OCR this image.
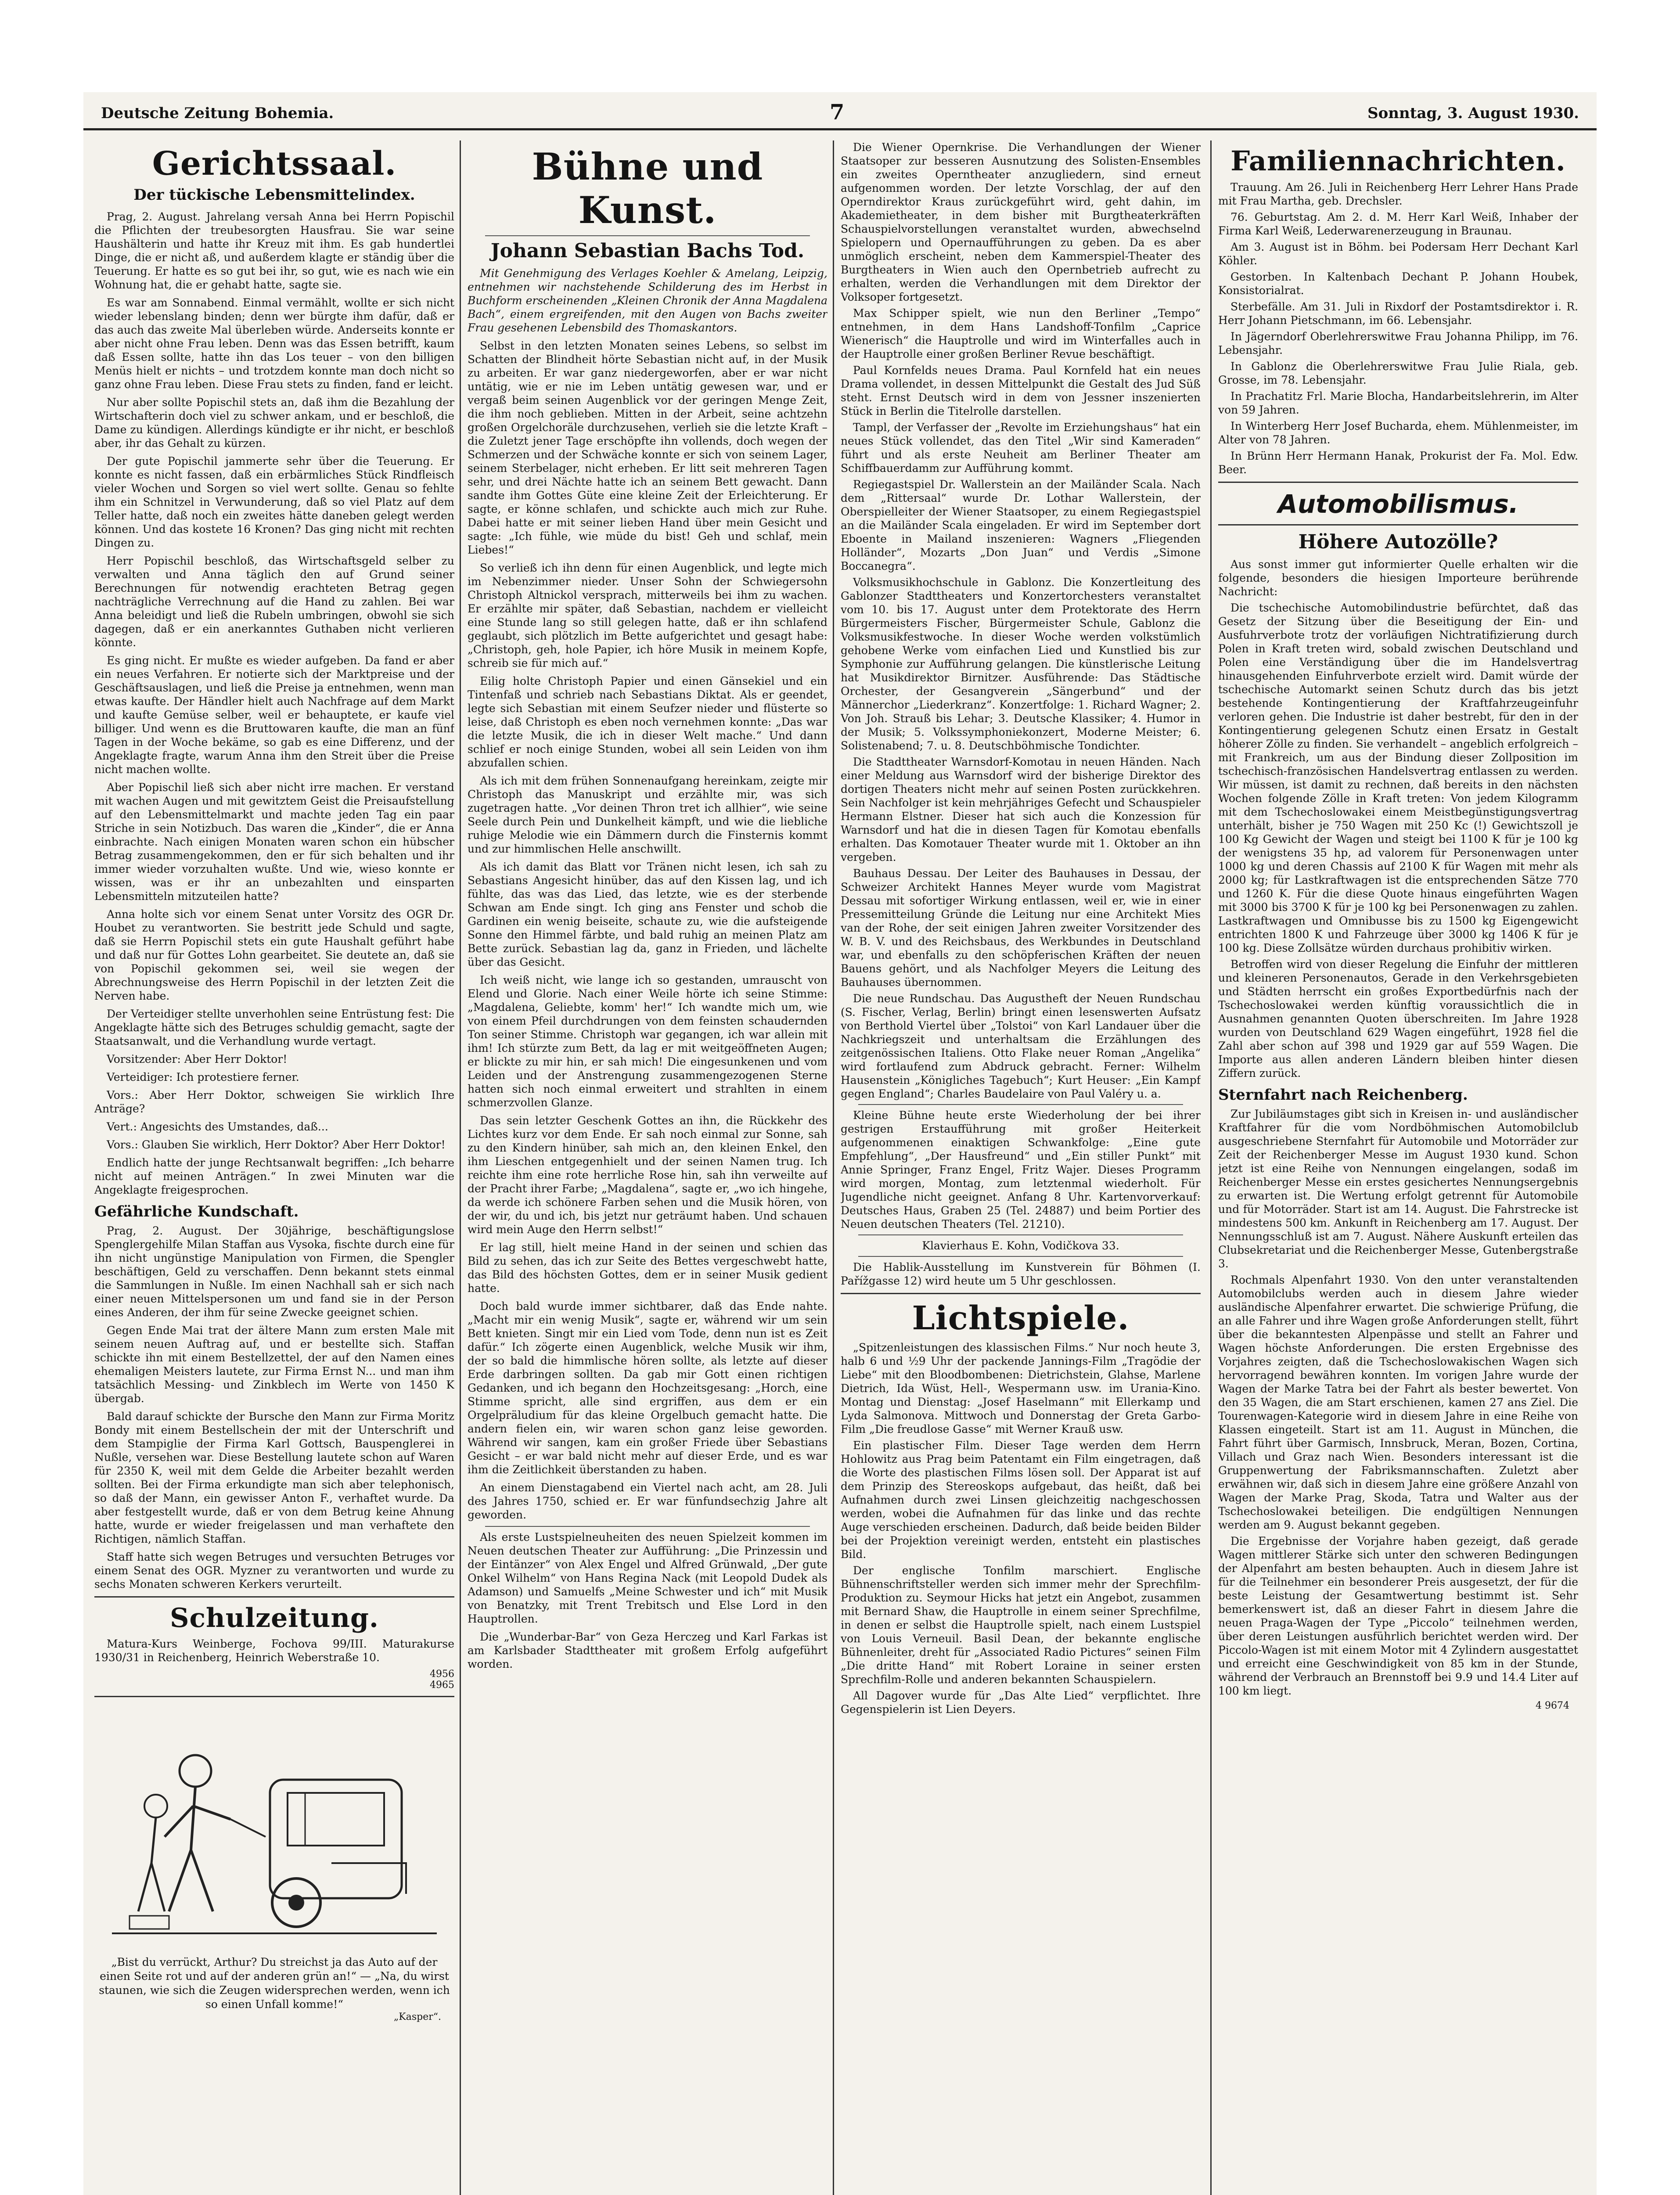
Deutsche Zeitung Bohemia.	7	Sonntag, 3. August 1930.
Gerichtssaal.
Der tückische Lebensmittelindex.

Prag, 2. August. Jahrelang versah Anna bei Herrn Popischil die Pflichten der treubesorgten Hausfrau. Sie war seine Haushälterin und hatte ihr Kreuz mit ihm. Es gab hundertlei Dinge, die er nicht aß, und außerdem klagte er ständig über die Teuerung. Er hatte es so gut bei ihr, so gut, wie es nach wie ein Wohnung hat, die er gehabt hatte, sagte sie.

Es war am Sonnabend. Einmal vermählt, wollte er sich nicht wieder lebenslang binden; denn wer bürgte ihm dafür, daß er das auch das zweite Mal überleben würde. Anderseits konnte er aber nicht ohne Frau leben. Denn was das Essen betrifft, kaum daß Essen sollte, hatte ihn das Los teuer – von den billigen Menüs hielt er nichts – und trotzdem konnte man doch nicht so ganz ohne Frau leben. Diese Frau stets zu finden, fand er leicht.

Nur aber sollte Popischil stets an, daß ihm die Bezahlung der Wirtschafterin doch viel zu schwer ankam, und er beschloß, die Dame zu kündigen. Allerdings kündigte er ihr nicht, er beschloß aber, ihr das Gehalt zu kürzen.

Der gute Popischil jammerte sehr über die Teuerung. Er konnte es nicht fassen, daß ein erbärmliches Stück Rindfleisch vieler Wochen und Sorgen so viel wert sollte. Genau so fehlte ihm ein Schnitzel in Verwunderung, daß so viel Platz auf dem Teller hatte, daß noch ein zweites hätte daneben gelegt werden können. Und das kostete 16 Kronen? Das ging nicht mit rechten Dingen zu.

Herr Popischil beschloß, das Wirtschaftsgeld selber zu verwalten und Anna täglich den auf Grund seiner Berechnungen für notwendig erachteten Betrag gegen nachträgliche Verrechnung auf die Hand zu zahlen. Bei war Anna beleidigt und ließ die Rubeln umbringen, obwohl sie sich dagegen, daß er ein anerkanntes Guthaben nicht verlieren könnte.

Es ging nicht. Er mußte es wieder aufgeben. Da fand er aber ein neues Verfahren. Er notierte sich der Marktpreise und der Geschäftsauslagen, und ließ die Preise ja entnehmen, wenn man etwas kaufte. Der Händler hielt auch Nachfrage auf dem Markt und kaufte Gemüse selber, weil er behauptete, er kaufe viel billiger. Und wenn es die Bruttowaren kaufte, die man an fünf Tagen in der Woche bekäme, so gab es eine Differenz, und der Angeklagte fragte, warum Anna ihm den Streit über die Preise nicht machen wollte.

Aber Popischil ließ sich aber nicht irre machen. Er verstand mit wachen Augen und mit gewitztem Geist die Preisaufstellung auf den Lebensmittelmarkt und machte jeden Tag ein paar Striche in sein Notizbuch. Das waren die „Kinder“, die er Anna einbrachte. Nach einigen Monaten waren schon ein hübscher Betrag zusammengekommen, den er für sich behalten und ihr immer wieder vorzuhalten wußte. Und wie, wieso konnte er wissen, was er ihr an unbezahlten und einsparten Lebensmitteln mitzuteilen hatte?

Anna holte sich vor einem Senat unter Vorsitz des OGR Dr. Houbet zu verantworten. Sie bestritt jede Schuld und sagte, daß sie Herrn Popischil stets ein gute Haushalt geführt habe und daß nur für Gottes Lohn gearbeitet. Sie deutete an, daß sie von Popischil gekommen sei, weil sie wegen der Abrechnungsweise des Herrn Popischil in der letzten Zeit die Nerven habe.

Der Verteidiger stellte unverhohlen seine Entrüstung fest: Die Angeklagte hätte sich des Betruges schuldig gemacht, sagte der Staatsanwalt, und die Verhandlung wurde vertagt.

Vorsitzender: Aber Herr Doktor!

Verteidiger: Ich protestiere ferner.

Vors.: Aber Herr Doktor, schweigen Sie wirklich Ihre Anträge?

Vert.: Angesichts des Umstandes, daß...

Vors.: Glauben Sie wirklich, Herr Doktor? Aber Herr Doktor!

Endlich hatte der junge Rechtsanwalt begriffen: „Ich beharre nicht auf meinen Anträgen.“ In zwei Minuten war die Angeklagte freigesprochen.

Gefährliche Kundschaft.

Prag, 2. August. Der 30jährige, beschäftigungslose Spenglergehilfe Milan Staffan aus Vysoka, fischte durch eine für ihn nicht ungünstige Manipulation von Firmen, die Spengler beschäftigen, Geld zu verschaffen. Denn bekannt stets einmal die Sammlungen in Nußle. Im einen Nachhall sah er sich nach einer neuen Mittelspersonen um und fand sie in der Person eines Anderen, der ihm für seine Zwecke geeignet schien.

Gegen Ende Mai trat der ältere Mann zum ersten Male mit seinem neuen Auftrag auf, und er bestellte sich. Staffan schickte ihn mit einem Bestellzettel, der auf den Namen eines ehemaligen Meisters lautete, zur Firma Ernst N... und man ihm tatsächlich Messing- und Zinkblech im Werte von 1450 K übergab.

Bald darauf schickte der Bursche den Mann zur Firma Moritz Bondy mit einem Bestellschein der mit der Unterschrift und dem Stampiglie der Firma Karl Gottsch, Bauspenglerei in Nußle, versehen war. Diese Bestellung lautete schon auf Waren für 2350 K, weil mit dem Gelde die Arbeiter bezahlt werden sollten. Bei der Firma erkundigte man sich aber telephonisch, so daß der Mann, ein gewisser Anton F., verhaftet wurde. Da aber festgestellt wurde, daß er von dem Betrug keine Ahnung hatte, wurde er wieder freigelassen und man verhaftete den Richtigen, nämlich Staffan.

Staff hatte sich wegen Betruges und versuchten Betruges vor einem Senat des OGR. Myzner zu verantworten und wurde zu sechs Monaten schweren Kerkers verurteilt.

Schulzeitung.

Matura-Kurs Weinberge, Fochova 99/III. Maturakurse 1930/31 in Reichenberg, Heinrich Weberstraße 10.

4956
4965

„Bist du verrückt, Arthur? Du streichst ja das Auto auf der einen Seite rot und auf der anderen grün an!“ — „Na, du wirst staunen, wie sich die Zeugen widersprechen werden, wenn ich so einen Unfall komme!“

„Kasper“.
Bühne und Kunst.
Johann Sebastian Bachs Tod.

Mit Genehmigung des Verlages Koehler & Amelang, Leipzig, entnehmen wir nachstehende Schilderung des im Herbst in Buchform erscheinenden „Kleinen Chronik der Anna Magdalena Bach“, einem ergreifenden, mit den Augen von Bachs zweiter Frau gesehenen Lebensbild des Thomaskantors.

Selbst in den letzten Monaten seines Lebens, so selbst im Schatten der Blindheit hörte Sebastian nicht auf, in der Musik zu arbeiten. Er war ganz niedergeworfen, aber er war nicht untätig, wie er nie im Leben untätig gewesen war, und er vergaß beim seinen Augenblick vor der geringen Menge Zeit, die ihm noch geblieben. Mitten in der Arbeit, seine achtzehn großen Orgelchoräle durchzusehen, verlieh sie die letzte Kraft – die Zuletzt jener Tage erschöpfte ihn vollends, doch wegen der Schmerzen und der Schwäche konnte er sich von seinem Lager, seinem Sterbelager, nicht erheben. Er litt seit mehreren Tagen sehr, und drei Nächte hatte ich an seinem Bett gewacht. Dann sandte ihm Gottes Güte eine kleine Zeit der Erleichterung. Er sagte, er könne schlafen, und schickte auch mich zur Ruhe. Dabei hatte er mit seiner lieben Hand über mein Gesicht und sagte: „Ich fühle, wie müde du bist! Geh und schlaf, mein Liebes!“

So verließ ich ihn denn für einen Augenblick, und legte mich im Nebenzimmer nieder. Unser Sohn der Schwiegersohn Christoph Altnickol versprach, mitterweils bei ihm zu wachen. Er erzählte mir später, daß Sebastian, nachdem er vielleicht eine Stunde lang so still gelegen hatte, daß er ihn schlafend geglaubt, sich plötzlich im Bette aufgerichtet und gesagt habe: „Christoph, geh, hole Papier, ich höre Musik in meinem Kopfe, schreib sie für mich auf.“

Eilig holte Christoph Papier und einen Gänsekiel und ein Tintenfaß und schrieb nach Sebastians Diktat. Als er geendet, legte sich Sebastian mit einem Seufzer nieder und flüsterte so leise, daß Christoph es eben noch vernehmen konnte: „Das war die letzte Musik, die ich in dieser Welt mache.“ Und dann schlief er noch einige Stunden, wobei all sein Leiden von ihm abzufallen schien.

Als ich mit dem frühen Sonnenaufgang hereinkam, zeigte mir Christoph das Manuskript und erzählte mir, was sich zugetragen hatte. „Vor deinen Thron tret ich allhier“, wie seine Seele durch Pein und Dunkelheit kämpft, und wie die liebliche ruhige Melodie wie ein Dämmern durch die Finsternis kommt und zur himmlischen Helle anschwillt.

Als ich damit das Blatt vor Tränen nicht lesen, ich sah zu Sebastians Angesicht hinüber, das auf den Kissen lag, und ich fühlte, das was das Lied, das letzte, wie es der sterbende Schwan am Ende singt. Ich ging ans Fenster und schob die Gardinen ein wenig beiseite, schaute zu, wie die aufsteigende Sonne den Himmel färbte, und bald ruhig an meinen Platz am Bette zurück. Sebastian lag da, ganz in Frieden, und lächelte über das Gesicht.

Ich weiß nicht, wie lange ich so gestanden, umrauscht von Elend und Glorie. Nach einer Weile hörte ich seine Stimme: „Magdalena, Geliebte, komm' her!“ Ich wandte mich um, wie von einem Pfeil durchdrungen von dem feinsten schaudernden Ton seiner Stimme. Christoph war gegangen, ich war allein mit ihm! Ich stürzte zum Bett, da lag er mit weitgeöffneten Augen; er blickte zu mir hin, er sah mich! Die eingesunkenen und vom Leiden und der Anstrengung zusammengezogenen Sterne hatten sich noch einmal erweitert und strahlten in einem schmerzvollen Glanze.

Das sein letzter Geschenk Gottes an ihn, die Rückkehr des Lichtes kurz vor dem Ende. Er sah noch einmal zur Sonne, sah zu den Kindern hinüber, sah mich an, den kleinen Enkel, den ihm Lieschen entgegenhielt und der seinen Namen trug. Ich reichte ihm eine rote herrliche Rose hin, sah ihn verweilte auf der Pracht ihrer Farbe; „Magdalena“, sagte er, „wo ich hingehe, da werde ich schönere Farben sehen und die Musik hören, von der wir, du und ich, bis jetzt nur geträumt haben. Und schauen wird mein Auge den Herrn selbst!“

Er lag still, hielt meine Hand in der seinen und schien das Bild zu sehen, das ich zur Seite des Bettes vergeschwebt hatte, das Bild des höchsten Gottes, dem er in seiner Musik gedient hatte.

Doch bald wurde immer sichtbarer, daß das Ende nahte. „Macht mir ein wenig Musik“, sagte er, während wir um sein Bett knieten. Singt mir ein Lied vom Tode, denn nun ist es Zeit dafür.“ Ich zögerte einen Augenblick, welche Musik wir ihm, der so bald die himmlische hören sollte, als letzte auf dieser Erde darbringen sollten. Da gab mir Gott einen richtigen Gedanken, und ich begann den Hochzeitsgesang: „Horch, eine Stimme spricht, alle sind ergriffen, aus dem er ein Orgelpräludium für das kleine Orgelbuch gemacht hatte. Die andern fielen ein, wir waren schon ganz leise geworden. Während wir sangen, kam ein großer Friede über Sebastians Gesicht – er war bald nicht mehr auf dieser Erde, und es war ihm die Zeitlichkeit überstanden zu haben.

An einem Dienstagabend ein Viertel nach acht, am 28. Juli des Jahres 1750, schied er. Er war fünfundsechzig Jahre alt geworden.

Als erste Lustspielneuheiten des neuen Spielzeit kommen im Neuen deutschen Theater zur Aufführung: „Die Prinzessin und der Eintänzer“ von Alex Engel und Alfred Grünwald, „Der gute Onkel Wilhelm“ von Hans Regina Nack (mit Leopold Dudek als Adamson) und Samuelfs „Meine Schwester und ich“ mit Musik von Benatzky, mit Trent Trebitsch und Else Lord in den Hauptrollen.

Die „Wunderbar-Bar“ von Geza Herczeg und Karl Farkas ist am Karlsbader Stadttheater mit großem Erfolg aufgeführt worden.

Die Wiener Opernkrise. Die Verhandlungen der Wiener Staatsoper zur besseren Ausnutzung des Solisten-Ensembles ein zweites Operntheater anzugliedern, sind erneut aufgenommen worden. Der letzte Vorschlag, der auf den Operndirektor Kraus zurückgeführt wird, geht dahin, im Akademietheater, in dem bisher mit Burgtheaterkräften Schauspielvorstellungen veranstaltet wurden, abwechselnd Spielopern und Opernaufführungen zu geben. Da es aber unmöglich erscheint, neben dem Kammerspiel-Theater des Burgtheaters in Wien auch den Opernbetrieb aufrecht zu erhalten, werden die Verhandlungen mit dem Direktor der Volksoper fortgesetzt.

Max Schipper spielt, wie nun den Berliner „Tempo“ entnehmen, in dem Hans Landshoff-Tonfilm „Caprice Wienerisch“ die Hauptrolle und wird im Winterfalles auch in der Hauptrolle einer großen Berliner Revue beschäftigt.

Paul Kornfelds neues Drama. Paul Kornfeld hat ein neues Drama vollendet, in dessen Mittelpunkt die Gestalt des Jud Süß steht. Ernst Deutsch wird in dem von Jessner inszenierten Stück in Berlin die Titelrolle darstellen.

Tampl, der Verfasser der „Revolte im Erziehungshaus“ hat ein neues Stück vollendet, das den Titel „Wir sind Kameraden“ führt und als erste Neuheit am Berliner Theater am Schiffbauerdamm zur Aufführung kommt.

Regiegastspiel Dr. Wallerstein an der Mailänder Scala. Nach dem „Rittersaal“ wurde Dr. Lothar Wallerstein, der Oberspielleiter der Wiener Staatsoper, zu einem Regiegastspiel an die Mailänder Scala eingeladen. Er wird im September dort Eboente in Mailand inszenieren: Wagners „Fliegenden Holländer“, Mozarts „Don Juan“ und Verdis „Simone Boccanegra“.

Volksmusikhochschule in Gablonz. Die Konzertleitung des Gablonzer Stadttheaters und Konzertorchesters veranstaltet vom 10. bis 17. August unter dem Protektorate des Herrn Bürgermeisters Fischer, Bürgermeister Schule, Gablonz die Volksmusikfestwoche. In dieser Woche werden volkstümlich gehobene Werke vom einfachen Lied und Kunstlied bis zur Symphonie zur Aufführung gelangen. Die künstlerische Leitung hat Musikdirektor Birnitzer. Ausführende: Das Städtische Orchester, der Gesangverein „Sängerbund“ und der Männerchor „Liederkranz“. Konzertfolge: 1. Richard Wagner; 2. Von Joh. Strauß bis Lehar; 3. Deutsche Klassiker; 4. Humor in der Musik; 5. Volkssymphoniekonzert, Moderne Meister; 6. Solistenabend; 7. u. 8. Deutschböhmische Tondichter.

Die Stadttheater Warnsdorf-Komotau in neuen Händen. Nach einer Meldung aus Warnsdorf wird der bisherige Direktor des dortigen Theaters nicht mehr auf seinen Posten zurückkehren. Sein Nachfolger ist kein mehrjähriges Gefecht und Schauspieler Hermann Elstner. Dieser hat sich auch die Konzession für Warnsdorf und hat die in diesen Tagen für Komotau ebenfalls erhalten. Das Komotauer Theater wurde mit 1. Oktober an ihn vergeben.

Bauhaus Dessau. Der Leiter des Bauhauses in Dessau, der Schweizer Architekt Hannes Meyer wurde vom Magistrat Dessau mit sofortiger Wirkung entlassen, weil er, wie in einer Pressemitteilung Gründe die Leitung nur eine Architekt Mies van der Rohe, der seit einigen Jahren zweiter Vorsitzender des W. B. V. und des Reichsbaus, des Werkbundes in Deutschland war, und ebenfalls zu den schöpferischen Kräften der neuen Bauens gehört, und als Nachfolger Meyers die Leitung des Bauhauses übernommen.

Die neue Rundschau. Das Augustheft der Neuen Rundschau (S. Fischer, Verlag, Berlin) bringt einen lesenswerten Aufsatz von Berthold Viertel über „Tolstoi“ von Karl Landauer über die Nachkriegszeit und unterhaltsam die Erzählungen des zeitgenössischen Italiens. Otto Flake neuer Roman „Angelika“ wird fortlaufend zum Abdruck gebracht. Ferner: Wilhelm Hausenstein „Königliches Tagebuch“; Kurt Heuser: „Ein Kampf gegen England“; Charles Baudelaire von Paul Valéry u. a.

Kleine Bühne heute erste Wiederholung der bei ihrer gestrigen Erstaufführung mit großer Heiterkeit aufgenommenen einaktigen Schwankfolge: „Eine gute Empfehlung“, „Der Hausfreund“ und „Ein stiller Punkt“ mit Annie Springer, Franz Engel, Fritz Wajer. Dieses Programm wird morgen, Montag, zum letztenmal wiederholt. Für Jugendliche nicht geeignet. Anfang 8 Uhr. Kartenvorverkauf: Deutsches Haus, Graben 25 (Tel. 24887) und beim Portier des Neuen deutschen Theaters (Tel. 21210).

Klavierhaus E. Kohn, Vodičkova 33.

Die Hablik-Ausstellung im Kunstverein für Böhmen (I. Pařížgasse 12) wird heute um 5 Uhr geschlossen.

Lichtspiele.

„Spitzenleistungen des klassischen Films.“ Nur noch heute 3, halb 6 und ½9 Uhr der packende Jannings-Film „Tragödie der Liebe“ mit den Bloodbombenen: Dietrichstein, Glahse, Marlene Dietrich, Ida Wüst, Hell-, Wespermann usw. im Urania-Kino. Montag und Dienstag: „Josef Haselmann“ mit Ellerkamp und Lyda Salmonova. Mittwoch und Donnerstag der Greta Garbo-Film „Die freudlose Gasse“ mit Werner Krauß usw.

Ein plastischer Film. Dieser Tage werden dem Herrn Hohlowitz aus Prag beim Patentamt ein Film eingetragen, daß die Worte des plastischen Films lösen soll. Der Apparat ist auf dem Prinzip des Stereoskops aufgebaut, das heißt, daß bei Aufnahmen durch zwei Linsen gleichzeitig nachgeschossen werden, wobei die Aufnahmen für das linke und das rechte Auge verschieden erscheinen. Dadurch, daß beide beiden Bilder bei der Projektion vereinigt werden, entsteht ein plastisches Bild.

Der englische Tonfilm marschiert. Englische Bühnenschriftsteller werden sich immer mehr der Sprechfilm-Produktion zu. Seymour Hicks hat jetzt ein Angebot, zusammen mit Bernard Shaw, die Hauptrolle in einem seiner Sprechfilme, in denen er selbst die Hauptrolle spielt, nach einem Lustspiel von Louis Verneuil. Basil Dean, der bekannte englische Bühnenleiter, dreht für „Associated Radio Pictures“ seinen Film „Die dritte Hand“ mit Robert Loraine in seiner ersten Sprechfilm-Rolle und anderen bekannten Schauspielern.

All Dagover wurde für „Das Alte Lied“ verpflichtet. Ihre Gegenspielerin ist Lien Deyers.

Familiennachrichten.

Trauung. Am 26. Juli in Reichenberg Herr Lehrer Hans Prade mit Frau Martha, geb. Drechsler.

76. Geburtstag. Am 2. d. M. Herr Karl Weiß, Inhaber der Firma Karl Weiß, Lederwarenerzeugung in Braunau.

Am 3. August ist in Böhm. bei Podersam Herr Dechant Karl Köhler.

Gestorben. In Kaltenbach Dechant P. Johann Houbek, Konsistorialrat.

Sterbefälle. Am 31. Juli in Rixdorf der Postamtsdirektor i. R. Herr Johann Pietschmann, im 66. Lebensjahr.

In Jägerndorf Oberlehrerswitwe Frau Johanna Philipp, im 76. Lebensjahr.

In Gablonz die Oberlehrerswitwe Frau Julie Riala, geb. Grosse, im 78. Lebensjahr.

In Prachatitz Frl. Marie Blocha, Handarbeitslehrerin, im Alter von 59 Jahren.

In Winterberg Herr Josef Bucharda, ehem. Mühlenmeister, im Alter von 78 Jahren.

In Brünn Herr Hermann Hanak, Prokurist der Fa. Mol. Edw. Beer.

Automobilismus.
Höhere Autozölle?

Aus sonst immer gut informierter Quelle erhalten wir die folgende, besonders die hiesigen Importeure berührende Nachricht:

Die tschechische Automobilindustrie befürchtet, daß das Gesetz der Sitzung über die Beseitigung der Ein- und Ausfuhrverbote trotz der vorläufigen Nichtratifizierung durch Polen in Kraft treten wird, sobald zwischen Deutschland und Polen eine Verständigung über die im Handelsvertrag hinausgehenden Einfuhrverbote erzielt wird. Damit würde der tschechische Automarkt seinen Schutz durch das bis jetzt bestehende Kontingentierung der Kraftfahrzeugeinfuhr verloren gehen. Die Industrie ist daher bestrebt, für den in der Kontingentierung gelegenen Schutz einen Ersatz in Gestalt höherer Zölle zu finden. Sie verhandelt – angeblich erfolgreich – mit Frankreich, um aus der Bindung dieser Zollposition im tschechisch-französischen Handelsvertrag entlassen zu werden. Wir müssen, ist damit zu rechnen, daß bereits in den nächsten Wochen folgende Zölle in Kraft treten: Von jedem Kilogramm mit dem Tschechoslowakei einem Meistbegünstigungsvertrag unterhält, bisher je 750 Wagen mit 250 Kc (!) Gewichtszoll je 100 Kg Gewicht der Wagen und steigt bei 1100 K für je 100 kg der wenigstens 35 hp, ad valorem für Personenwagen unter 1000 kg und deren Chassis auf 2100 K für Wagen mit mehr als 2000 kg; für Lastkraftwagen ist die entsprechenden Sätze 770 und 1260 K. Für die diese Quote hinaus eingeführten Wagen mit 3000 bis 3700 K für je 100 kg bei Personenwagen zu zahlen. Lastkraftwagen und Omnibusse bis zu 1500 kg Eigengewicht entrichten 1800 K und Fahrzeuge über 3000 kg 1406 K für je 100 kg. Diese Zollsätze würden durchaus prohibitiv wirken.

Betroffen wird von dieser Regelung die Einfuhr der mittleren und kleineren Personenautos, Gerade in den Verkehrsgebieten und Städten herrscht ein großes Exportbedürfnis nach der Tschechoslowakei werden künftig voraussichtlich die in Ausnahmen genannten Quoten überschreiten. Im Jahre 1928 wurden von Deutschland 629 Wagen eingeführt, 1928 fiel die Zahl aber schon auf 398 und 1929 gar auf 559 Wagen. Die Importe aus allen anderen Ländern bleiben hinter diesen Ziffern zurück.

Sternfahrt nach Reichenberg.

Zur Jubiläumstages gibt sich in Kreisen in- und ausländischer Kraftfahrer für die vom Nordböhmischen Automobilclub ausgeschriebene Sternfahrt für Automobile und Motorräder zur Zeit der Reichenberger Messe im August 1930 kund. Schon jetzt ist eine Reihe von Nennungen eingelangen, sodaß im Reichenberger Messe ein erstes gesichertes Nennungsergebnis zu erwarten ist. Die Wertung erfolgt getrennt für Automobile und für Motorräder. Start ist am 14. August. Die Fahrstrecke ist mindestens 500 km. Ankunft in Reichenberg am 17. August. Der Nennungsschluß ist am 7. August. Nähere Auskunft erteilen das Clubsekretariat und die Reichenberger Messe, Gutenbergstraße 3.

Rochmals Alpenfahrt 1930. Von den unter veranstaltenden Automobilclubs werden auch in diesem Jahre wieder ausländische Alpenfahrer erwartet. Die schwierige Prüfung, die an alle Fahrer und ihre Wagen große Anforderungen stellt, führt über die bekanntesten Alpenpässe und stellt an Fahrer und Wagen höchste Anforderungen. Die ersten Ergebnisse des Vorjahres zeigten, daß die Tschechoslowakischen Wagen sich hervorragend bewähren konnten. Im vorigen Jahre wurde der Wagen der Marke Tatra bei der Fahrt als bester bewertet. Von den 35 Wagen, die am Start erschienen, kamen 27 ans Ziel. Die Tourenwagen-Kategorie wird in diesem Jahre in eine Reihe von Klassen eingeteilt. Start ist am 11. August in München, die Fahrt führt über Garmisch, Innsbruck, Meran, Bozen, Cortina, Villach und Graz nach Wien. Besonders interessant ist die Gruppenwertung der Fabriksmannschaften. Zuletzt aber erwähnen wir, daß sich in diesem Jahre eine größere Anzahl von Wagen der Marke Prag, Skoda, Tatra und Walter aus der Tschechoslowakei beteiligen. Die endgültigen Nennungen werden am 9. August bekannt gegeben.

Die Ergebnisse der Vorjahre haben gezeigt, daß gerade Wagen mittlerer Stärke sich unter den schweren Bedingungen der Alpenfahrt am besten behaupten. Auch in diesem Jahre ist für die Teilnehmer ein besonderer Preis ausgesetzt, der für die beste Leistung der Gesamtwertung bestimmt ist. Sehr bemerkenswert ist, daß an dieser Fahrt in diesem Jahre die neuen Praga-Wagen der Type „Piccolo“ teilnehmen werden, über deren Leistungen ausführlich berichtet werden wird. Der Piccolo-Wagen ist mit einem Motor mit 4 Zylindern ausgestattet und erreicht eine Geschwindigkeit von 85 km in der Stunde, während der Verbrauch an Brennstoff bei 9.9 und 14.4 Liter auf 100 km liegt.

4 9674
